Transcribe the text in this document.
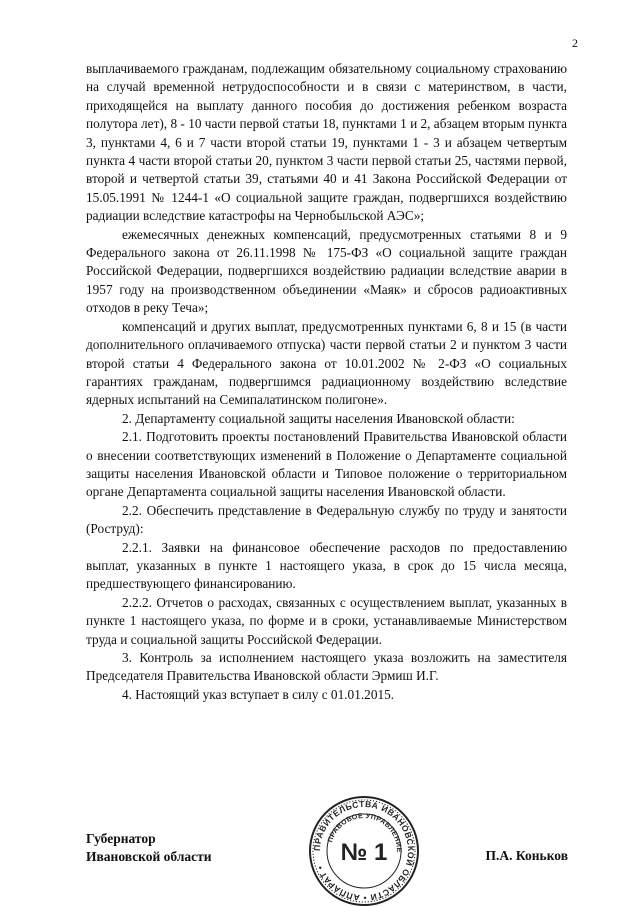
2

выплачиваемого гражданам, подлежащим обязательному социальному страхованию на случай временной нетрудоспособности и в связи с материнством, в части, приходящейся на выплату данного пособия до достижения ребенком возраста полутора лет), 8 - 10 части первой статьи 18, пунктами 1 и 2, абзацем вторым пункта 3, пунктами 4, 6 и 7 части второй статьи 19, пунктами 1 - 3 и абзацем четвертым пункта 4 части второй статьи 20, пунктом 3 части первой статьи 25, частями первой, второй и четвертой статьи 39, статьями 40 и 41 Закона Российской Федерации от 15.05.1991 № 1244-1 «О социальной защите граждан, подвергшихся воздействию радиации вследствие катастрофы на Чернобыльской АЭС»;

ежемесячных денежных компенсаций, предусмотренных статьями 8 и 9 Федерального закона от 26.11.1998 № 175-ФЗ «О социальной защите граждан Российской Федерации, подвергшихся воздействию радиации вследствие аварии в 1957 году на производственном объединении «Маяк» и сбросов радиоактивных отходов в реку Теча»;

компенсаций и других выплат, предусмотренных пунктами 6, 8 и 15 (в части дополнительного оплачиваемого отпуска) части первой статьи 2 и пунктом 3 части второй статьи 4 Федерального закона от 10.01.2002 № 2-ФЗ «О социальных гарантиях гражданам, подвергшимся радиационному воздействию вследствие ядерных испытаний на Семипалатинском полигоне».

2. Департаменту социальной защиты населения Ивановской области:

2.1. Подготовить проекты постановлений Правительства Ивановской области о внесении соответствующих изменений в Положение о Департаменте социальной защиты населения Ивановской области и Типовое положение о территориальном органе Департамента социальной защиты населения Ивановской области.

2.2. Обеспечить представление в Федеральную службу по труду и занятости (Роструд):

2.2.1. Заявки на финансовое обеспечение расходов по предоставлению выплат, указанных в пункте 1 настоящего указа, в срок до 15 числа месяца, предшествующего финансированию.

2.2.2. Отчетов о расходах, связанных с осуществлением выплат, указанных в пункте 1 настоящего указа, по форме и в сроки, устанавливаемые Министерством труда и социальной защиты Российской Федерации.

3. Контроль за исполнением настоящего указа возложить на заместителя Председателя Правительства Ивановской области Эрмиш И.Г.

4. Настоящий указ вступает в силу с 01.01.2015.

Губернатор
Ивановской области	П.А. Коньков
ПРАВИТЕЛЬСТВА ИВАНОВСКОЙ ОБЛАСТИ • АППАРАТ •
ПРАВОВОЕ УПРАВЛЕНИЕ
№ 1
